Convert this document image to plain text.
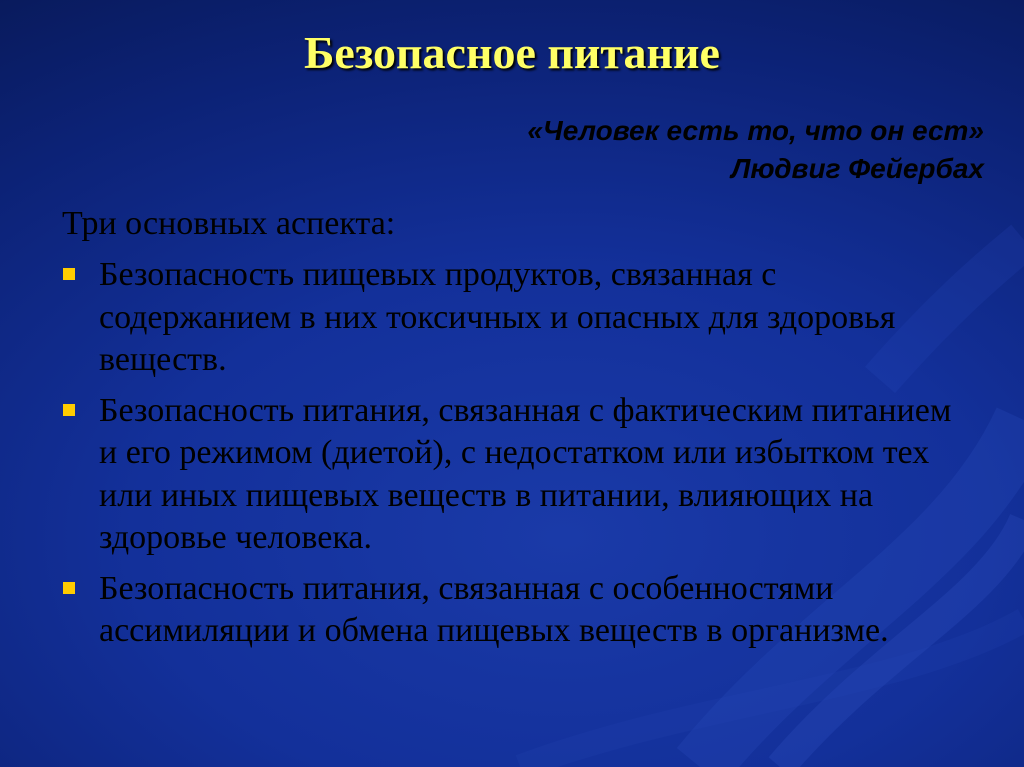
Безопасное питание
«Человек есть то, что он ест»
Людвиг Фейербах
Три основных аспекта:
Безопасность пищевых продуктов, связанная с содержанием в них токсичных и опасных для здоровья веществ.
Безопасность питания, связанная с фактическим питанием и его режимом (диетой), с недостатком или избытком тех или иных пищевых веществ в питании, влияющих на здоровье человека.
Безопасность питания, связанная с особенностями ассимиляции и обмена пищевых веществ в организме.
